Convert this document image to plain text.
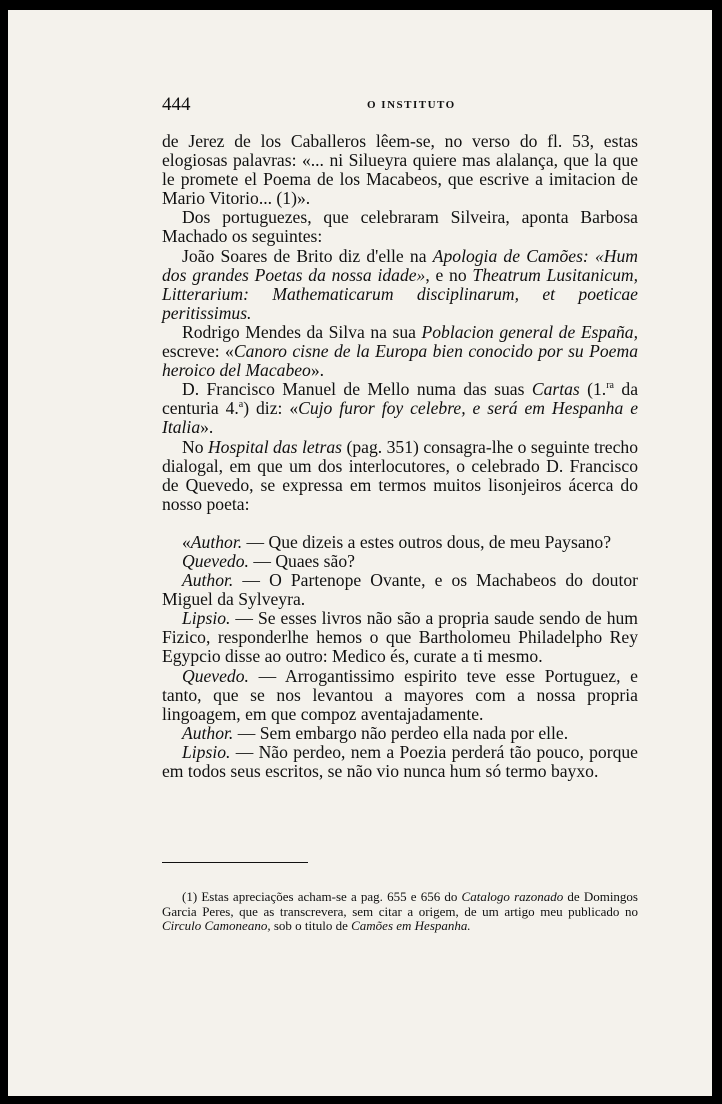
444	O INSTITUTO

de Jerez de los Caballeros lêem-se, no verso do fl. 53, estas elogiosas palavras: «... ni Silueyra quiere mas alalança, que la que le promete el Poema de los Macabeos, que escrive a imitacion de Mario Vitorio... (1)».

Dos portuguezes, que celebraram Silveira, aponta Barbosa Machado os seguintes:

João Soares de Brito diz d'elle na Apologia de Camões: «Hum dos grandes Poetas da nossa idade», e no Theatrum Lusitanicum, Litterarium: Mathematicarum disciplinarum, et poeticae peritissimus.

Rodrigo Mendes da Silva na sua Poblacion general de España, escreve: «Canoro cisne de la Europa bien conocido por su Poema heroico del Macabeo».

D. Francisco Manuel de Mello numa das suas Cartas (1.$^{ra}$ da centuria 4.$^a$) diz: «Cujo furor foy celebre, e será em Hespanha e Italia».

No Hospital das letras (pag. 351) consagra-lhe o seguinte trecho dialogal, em que um dos interlocutores, o celebrado D. Francisco de Quevedo, se expressa em termos muitos lisonjeiros ácerca do nosso poeta:

«Author. — Que dizeis a estes outros dous, de meu Paysano?

Quevedo. — Quaes são?

Author. — O Partenope Ovante, e os Machabeos do doutor Miguel da Sylveyra.

Lipsio. — Se esses livros não são a propria saude sendo de hum Fizico, responderlhe hemos o que Bartholomeu Philadelpho Rey Egypcio disse ao outro: Medico és, curate a ti mesmo.

Quevedo. — Arrogantissimo espirito teve esse Portuguez, e tanto, que se nos levantou a mayores com a nossa propria lingoagem, em que compoz aventajadamente.

Author. — Sem embargo não perdeo ella nada por elle.

Lipsio. — Não perdeo, nem a Poezia perderá tão pouco, porque em todos seus escritos, se não vio nunca hum só termo bayxo.

(1) Estas apreciações acham-se a pag. 655 e 656 do Catalogo razonado de Domingos Garcia Peres, que as transcrevera, sem citar a origem, de um artigo meu publicado no Circulo Camoneano, sob o titulo de Camões em Hespanha.
